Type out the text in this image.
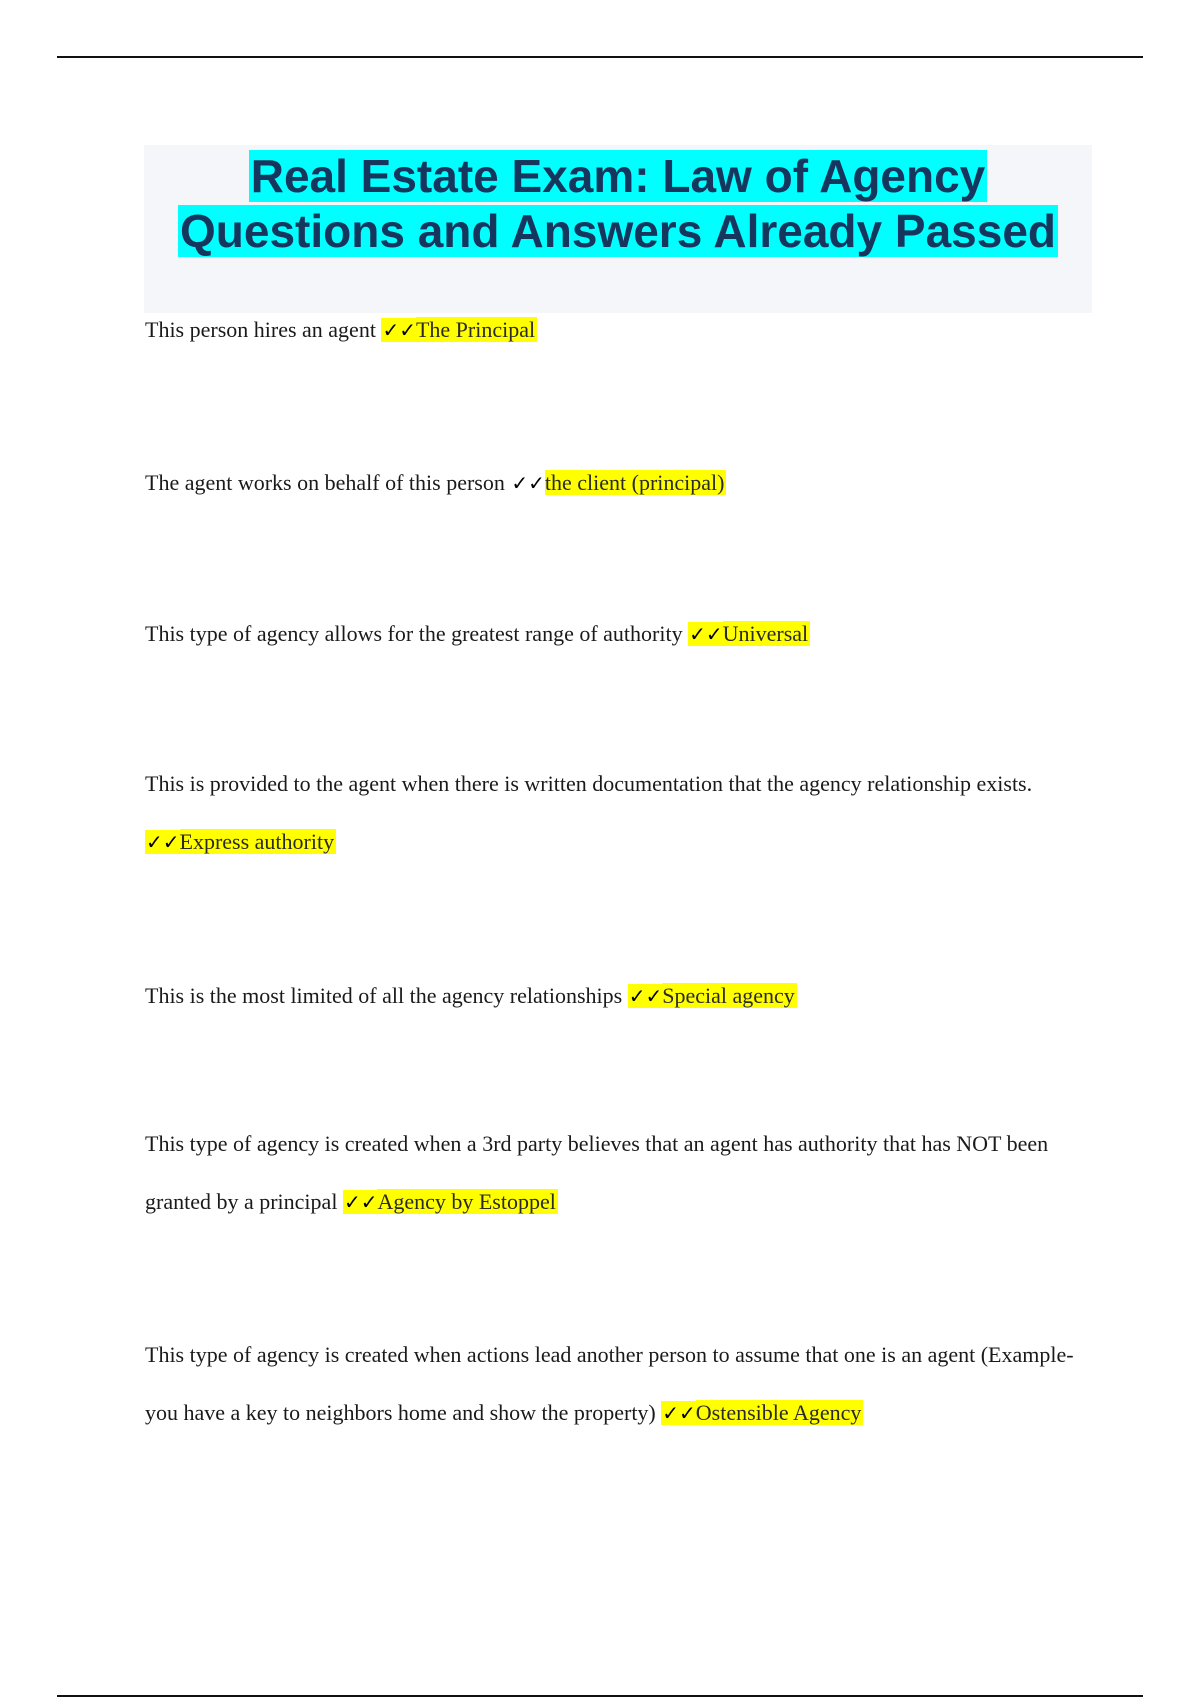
Real Estate Exam: Law of Agency
Questions and Answers Already Passed

This person hires an agent ✓✓The Principal

The agent works on behalf of this person ✓✓the client (principal)

This type of agency allows for the greatest range of authority ✓✓Universal

This is provided to the agent when there is written documentation that the agency relationship exists. ✓✓Express authority

This is the most limited of all the agency relationships ✓✓Special agency

This type of agency is created when a 3rd party believes that an agent has authority that has NOT been granted by a principal ✓✓Agency by Estoppel

This type of agency is created when actions lead another person to assume that one is an agent (Example- you have a key to neighbors home and show the property) ✓✓Ostensible Agency
